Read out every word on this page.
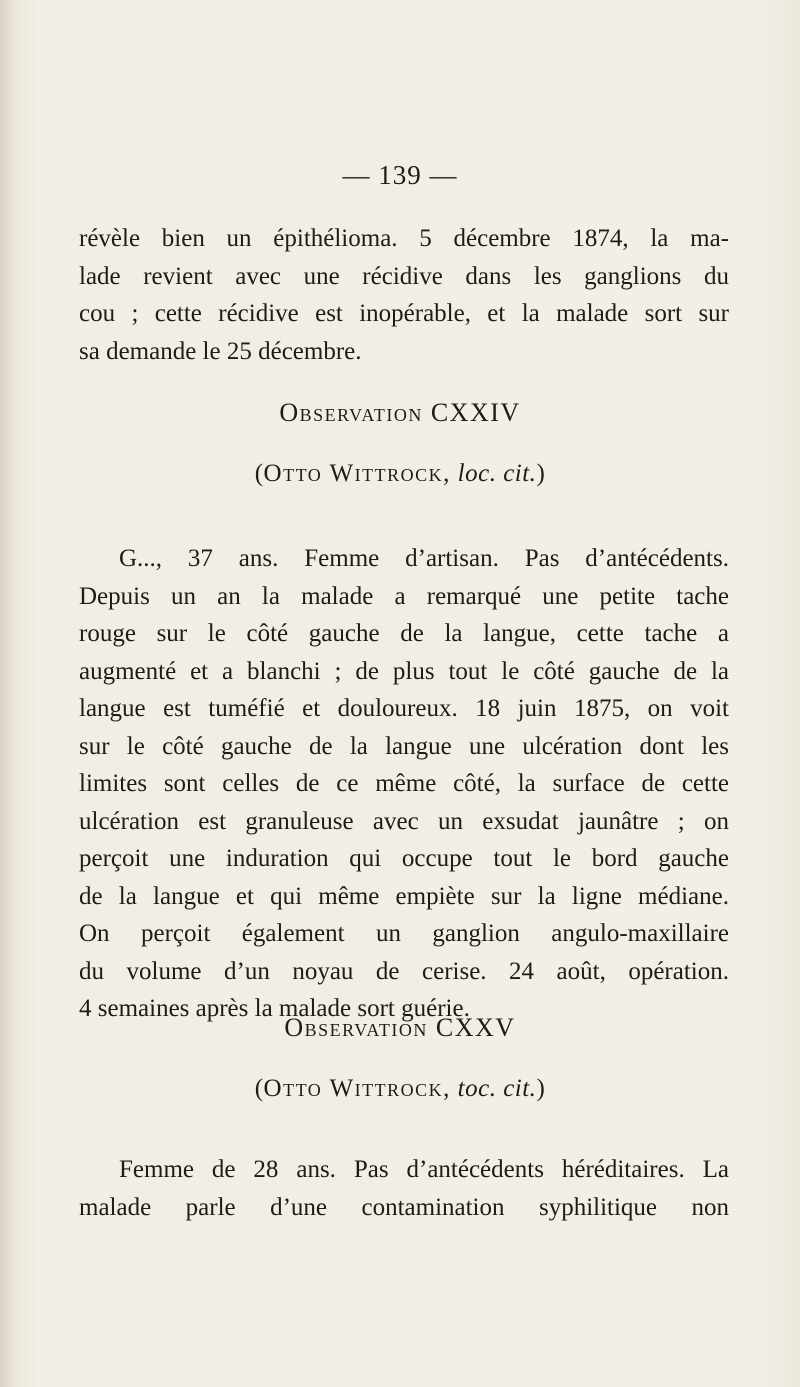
— 139 —
révèle bien un épithélioma. 5 décembre 1874, la ma-
lade revient avec une récidive dans les ganglions du
cou ; cette récidive est inopérable, et la malade sort sur
sa demande le 25 décembre.
Observation CXXIV
(Otto Wittrock, loc. cit.)
G..., 37 ans. Femme d’artisan. Pas d’antécédents.
Depuis un an la malade a remarqué une petite tache
rouge sur le côté gauche de la langue, cette tache a
augmenté et a blanchi ; de plus tout le côté gauche de la
langue est tuméfié et douloureux. 18 juin 1875, on voit
sur le côté gauche de la langue une ulcération dont les
limites sont celles de ce même côté, la surface de cette
ulcération est granuleuse avec un exsudat jaunâtre ; on
perçoit une induration qui occupe tout le bord gauche
de la langue et qui même empiète sur la ligne médiane.
On perçoit également un ganglion angulo-maxillaire
du volume d’un noyau de cerise. 24 août, opération.
4 semaines après la malade sort guérie.
Observation CXXV
(Otto Wittrock, toc. cit.)
Femme de 28 ans. Pas d’antécédents héréditaires. La
malade parle d’une contamination syphilitique non
